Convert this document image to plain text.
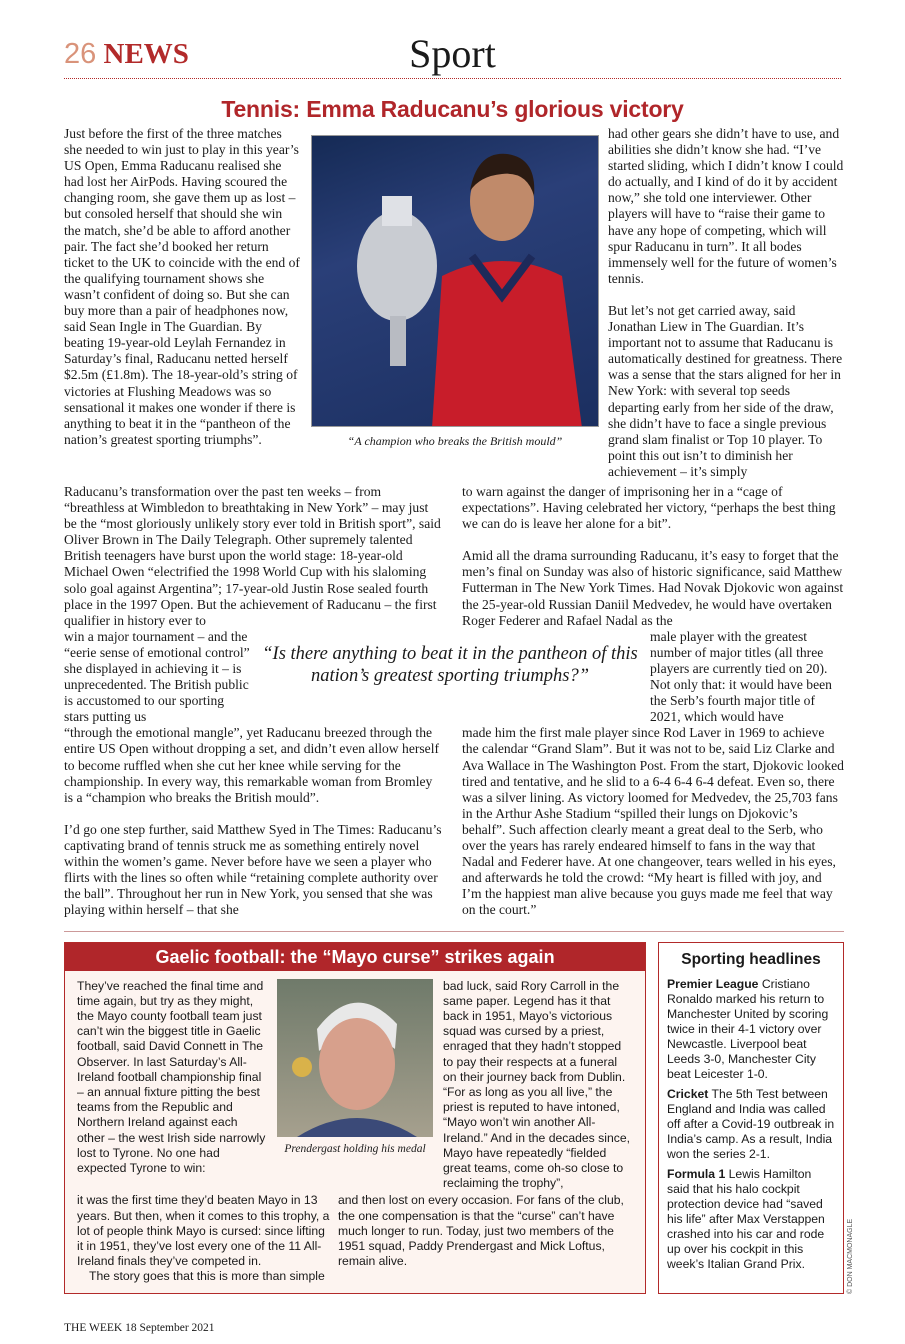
26 NEWS	Sport
Tennis: Emma Raducanu’s glorious victory
Just before the first of the three matches she needed to win just to play in this year’s US Open, Emma Raducanu realised she had lost her AirPods. Having scoured the changing room, she gave them up as lost – but consoled herself that should she win the match, she’d be able to afford another pair. The fact she’d booked her return ticket to the UK to coincide with the end of the qualifying tournament shows she wasn’t confident of doing so. But she can buy more than a pair of headphones now, said Sean Ingle in The Guardian. By beating 19-year-old Leylah Fernandez in Saturday’s final, Raducanu netted herself $2.5m (£1.8m). The 18-year-old’s string of victories at Flushing Meadows was so sensational it makes one wonder if there is anything to beat it in the “pantheon of the nation’s greatest sporting triumphs”.	“A champion who breaks the British mould”

had other gears she didn’t have to use, and abilities she didn’t know she had. “I’ve started sliding, which I didn’t know I could do actually, and I kind of do it by accident now,” she told one interviewer. Other players will have to “raise their game to have any hope of competing, which will spur Raducanu in turn”. It all bodes immensely well for the future of women’s tennis.

But let’s not get carried away, said Jonathan Liew in The Guardian. It’s important not to assume that Raducanu is automatically destined for greatness. There was a sense that the stars aligned for her in New York: with several top seeds departing early from her side of the draw, she didn’t have to face a single previous grand slam finalist or Top 10 player. To point this out isn’t to diminish her achievement – it’s simply

Raducanu’s transformation over the past ten weeks – from “breathless at Wimbledon to breathtaking in New York” – may just be the “most gloriously unlikely story ever told in British sport”, said Oliver Brown in The Daily Telegraph. Other supremely talented British teenagers have burst upon the world stage: 18-year-old Michael Owen “electrified the 1998 World Cup with his slaloming solo goal against Argentina”; 17-year-old Justin Rose sealed fourth place in the 1997 Open. But the achievement of Raducanu – the first qualifier in history ever to

to warn against the danger of imprisoning her in a “cage of expectations”. Having celebrated her victory, “perhaps the best thing we can do is leave her alone for a bit”.

Amid all the drama surrounding Raducanu, it’s easy to forget that the men’s final on Sunday was also of historic significance, said Matthew Futterman in The New York Times. Had Novak Djokovic won against the 25-year-old Russian Daniil Medvedev, he would have overtaken Roger Federer and Rafael Nadal as the

win a major tournament – and the “eerie sense of emotional control” she displayed in achieving it – is unprecedented. The British public is accustomed to our sporting stars putting us
“Is there anything to beat it in the pantheon of this nation’s greatest sporting triumphs?”
male player with the greatest number of major titles (all three players are currently tied on 20). Not only that: it would have been the Serb’s fourth major title of 2021, which would have

“through the emotional mangle”, yet Raducanu breezed through the entire US Open without dropping a set, and didn’t even allow herself to become ruffled when she cut her knee while serving for the championship. In every way, this remarkable woman from Bromley is a “champion who breaks the British mould”.

I’d go one step further, said Matthew Syed in The Times: Raducanu’s captivating brand of tennis struck me as something entirely novel within the women’s game. Never before have we seen a player who flirts with the lines so often while “retaining complete authority over the ball”. Throughout her run in New York, you sensed that she was playing within herself – that she

made him the first male player since Rod Laver in 1969 to achieve the calendar “Grand Slam”. But it was not to be, said Liz Clarke and Ava Wallace in The Washington Post. From the start, Djokovic looked tired and tentative, and he slid to a 6-4 6-4 6-4 defeat. Even so, there was a silver lining. As victory loomed for Medvedev, the 25,703 fans in the Arthur Ashe Stadium “spilled their lungs on Djokovic’s behalf”. Such affection clearly meant a great deal to the Serb, who over the years has rarely endeared himself to fans in the way that Nadal and Federer have. At one changeover, tears welled in his eyes, and afterwards he told the crowd: “My heart is filled with joy, and I’m the happiest man alive because you guys made me feel that way on the court.”
Gaelic football: the “Mayo curse” strikes again
They’ve reached the final time and time again, but try as they might, the Mayo county football team just can’t win the biggest title in Gaelic football, said David Connett in The Observer. In last Saturday’s All-Ireland football championship final – an annual fixture pitting the best teams from the Republic and Northern Ireland against each other – the west Irish side narrowly lost to Tyrone. No one had expected Tyrone to win:
Prendergast holding his medal
bad luck, said Rory Carroll in the same paper. Legend has it that back in 1951, Mayo’s victorious squad was cursed by a priest, enraged that they hadn’t stopped to pay their respects at a funeral on their journey back from Dublin. “For as long as you all live,” the priest is reputed to have intoned, “Mayo won’t win another All-Ireland.” And in the decades since, Mayo have repeatedly “fielded great teams, come oh-so close to reclaiming the trophy”,

it was the first time they’d beaten Mayo in 13 years. But then, when it comes to this trophy, a lot of people think Mayo is cursed: since lifting it in 1951, they’ve lost every one of the 11 All-Ireland finals they’ve competed in.

The story goes that this is more than simple

and then lost on every occasion. For fans of the club, the one compensation is that the “curse” can’t have much longer to run. Today, just two members of the 1951 squad, Paddy Prendergast and Mick Loftus, remain alive.
Sporting headlines
Premier League Cristiano Ronaldo marked his return to Manchester United by scoring twice in their 4-1 victory over Newcastle. Liverpool beat Leeds 3-0, Manchester City beat Leicester 1-0.
Cricket The 5th Test between England and India was called off after a Covid-19 outbreak in India’s camp. As a result, India won the series 2-1.
Formula 1 Lewis Hamilton said that his halo cockpit protection device had “saved his life” after Max Verstappen crashed into his car and rode up over his cockpit in this week’s Italian Grand Prix.	© DON MACMONAGLE
THE WEEK 18 September 2021
